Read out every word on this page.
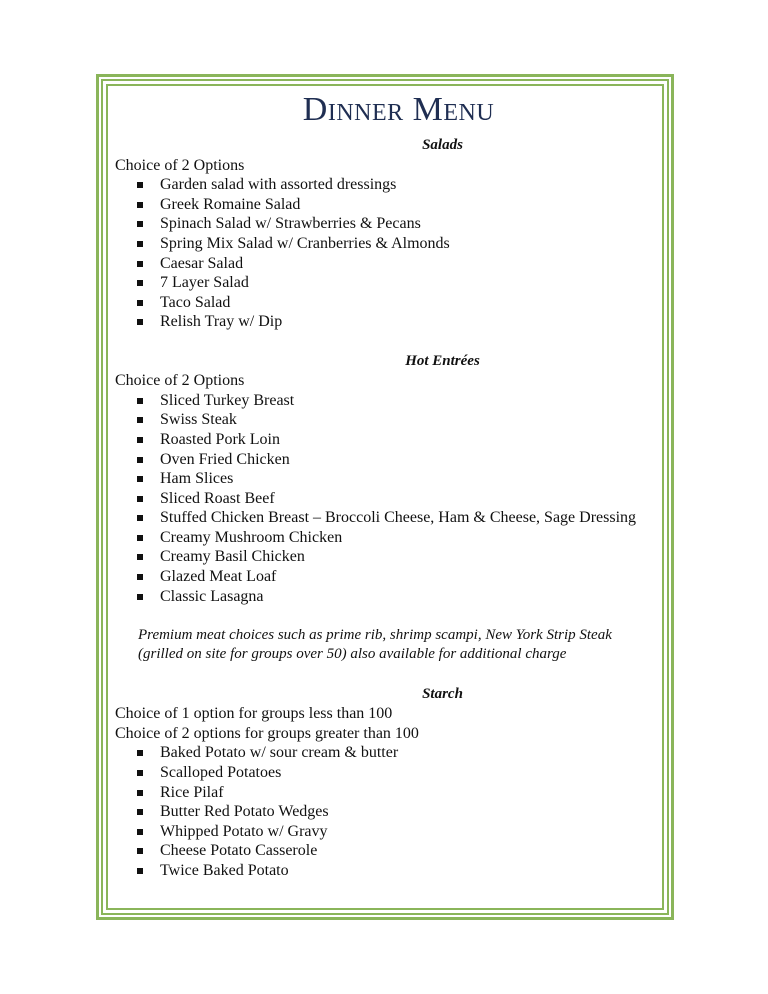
Dinner Menu

Salads

Choice of 2 Options

Garden salad with assorted dressings
Greek Romaine Salad
Spinach Salad w/ Strawberries & Pecans
Spring Mix Salad w/ Cranberries & Almonds
Caesar Salad
7 Layer Salad
Taco Salad
Relish Tray w/ Dip

Hot Entrées

Choice of 2 Options

Sliced Turkey Breast
Swiss Steak
Roasted Pork Loin
Oven Fried Chicken
Ham Slices
Sliced Roast Beef
Stuffed Chicken Breast – Broccoli Cheese, Ham & Cheese, Sage Dressing
Creamy Mushroom Chicken
Creamy Basil Chicken
Glazed Meat Loaf
Classic Lasagna

Premium meat choices such as prime rib, shrimp scampi, New York Strip Steak (grilled on site for groups over 50) also available for additional charge

Starch

Choice of 1 option for groups less than 100

Choice of 2 options for groups greater than 100

Baked Potato w/ sour cream & butter
Scalloped Potatoes
Rice Pilaf
Butter Red Potato Wedges
Whipped Potato w/ Gravy
Cheese Potato Casserole
Twice Baked Potato
